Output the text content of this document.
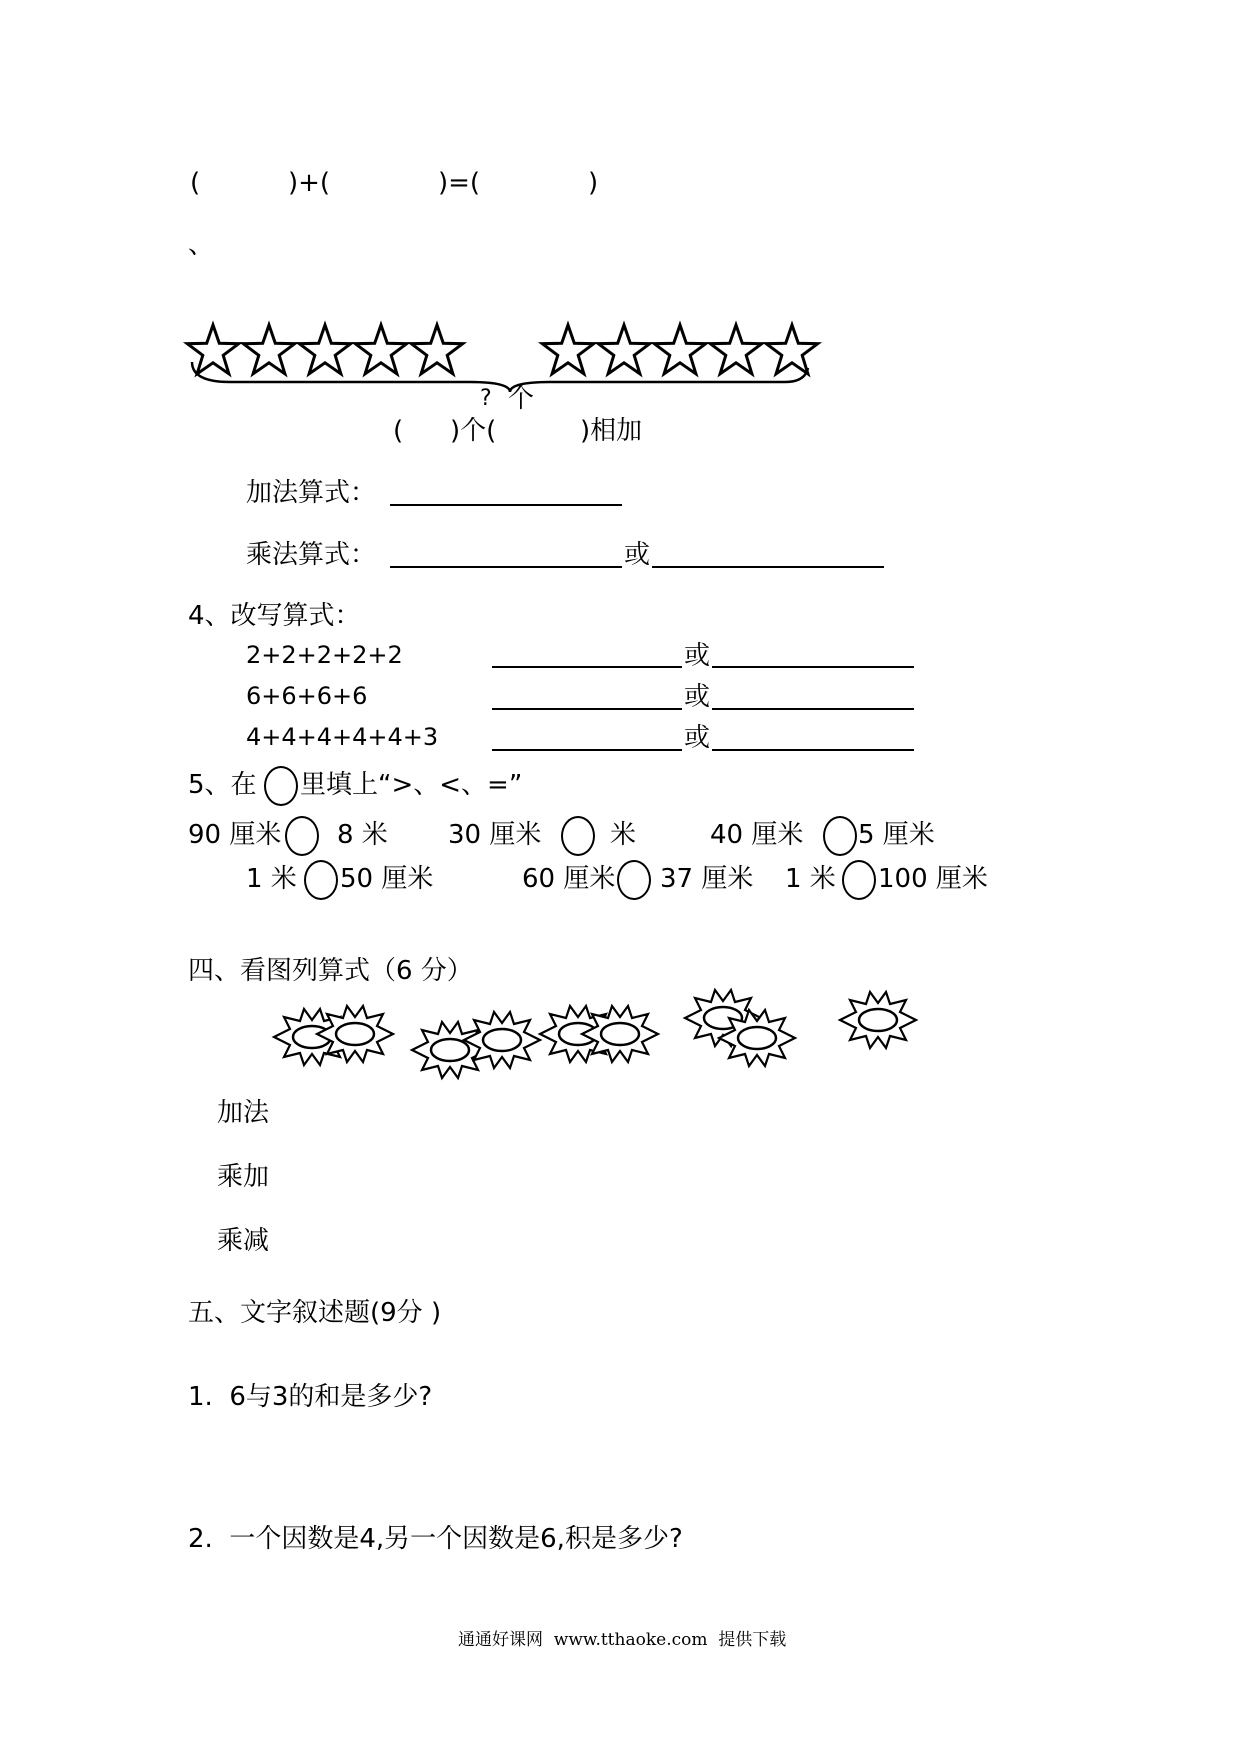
(	)+(	)=(	)
、
? 个
( )个(	)相加
加法算式：
乘法算式：	或
4、改写算式：
2+2+2+2+2	或
6+6+6+6	或
4+4+4+4+4+3	或
5、在 里填上“>、<、=”
90 厘米 8 米 30 厘米	米	40 厘米 5 厘米
1 米 50 厘米	60 厘米 37 厘米 1 米 100 厘米
四、看图列算式（6 分）
加法
乘加
乘减
五、文字叙述题(9分 )
1.  6与3的和是多少?
2.  一个因数是4,另一个因数是6,积是多少?
通通好课网  www.tthaoke.com  提供下载
